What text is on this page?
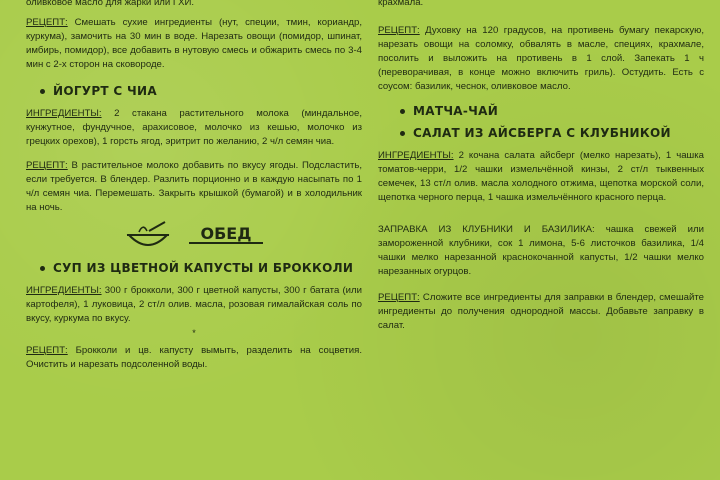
оливковое масло для жарки или ГХИ.

РЕЦЕПТ: Смешать сухие ингредиенты (нут, специи, тмин, кориандр, куркума), замочить на 30 мин в воде. Нарезать овощи (помидор, шпинат, имбирь, помидор), все добавить в нутовую смесь и обжарить смесь по 3-4 мин с 2-х сторон на сковороде.

ЙОГУРТ С ЧИА

ИНГРЕДИЕНТЫ: 2 стакана растительного молока (миндальное, кунжутное, фундучное, арахисовое, молочко из кешью, молочко из грецких орехов), 1 горсть ягод, эритрит по желанию, 2 ч/л семян чиа.

РЕЦЕПТ: В растительное молоко добавить по вкусу ягоды. Подсластить, если требуется. В блендер. Разлить порционно и в каждую насыпать по 1 ч/л семян чиа. Перемешать. Закрыть крышкой (бумагой) и в холодильник на ночь.

ОБЕД
СУП ИЗ ЦВЕТНОЙ КАПУСТЫ И БРОККОЛИ

ИНГРЕДИЕНТЫ: 300 г брокколи, 300 г цветной капусты, 300 г батата (или картофеля), 1 луковица, 2 ст/л олив. масла, розовая гималайская соль по вкусу, куркума по вкусу.

*

РЕЦЕПТ: Брокколи и цв. капусту вымыть, разделить на соцветия. Очистить и нарезать подсоленной воды.

крахмала.

РЕЦЕПТ: Духовку на 120 градусов, на противень бумагу пекарскую, нарезать овощи на соломку, обвалять в масле, специях, крахмале, посолить и выложить на противень в 1 слой. Запекать 1 ч (переворачивая, в конце можно включить гриль). Остудить. Есть с соусом: базилик, чеснок, оливковое масло.

МАТЧА-ЧАЙ
САЛАТ ИЗ АЙСБЕРГА С КЛУБНИКОЙ

ИНГРЕДИЕНТЫ: 2 кочана салата айсберг (мелко нарезать), 1 чашка томатов-черри, 1/2 чашки измельчённой кинзы, 2 ст/л тыквенных семечек, 13 ст/л олив. масла холодного отжима, щепотка морской соли, щепотка черного перца, 1 чашка измельчённого красного перца.

ЗАПРАВКА ИЗ КЛУБНИКИ И БАЗИЛИКА: чашка свежей или замороженной клубники, сок 1 лимона, 5-6 листочков базилика, 1/4 чашки мелко нарезанной краснокочанной капусты, 1/2 чашки мелко нарезанных огурцов.

РЕЦЕПТ: Сложите все ингредиенты для заправки в блендер, смешайте ингредиенты до получения однородной массы. Добавьте заправку в салат.
